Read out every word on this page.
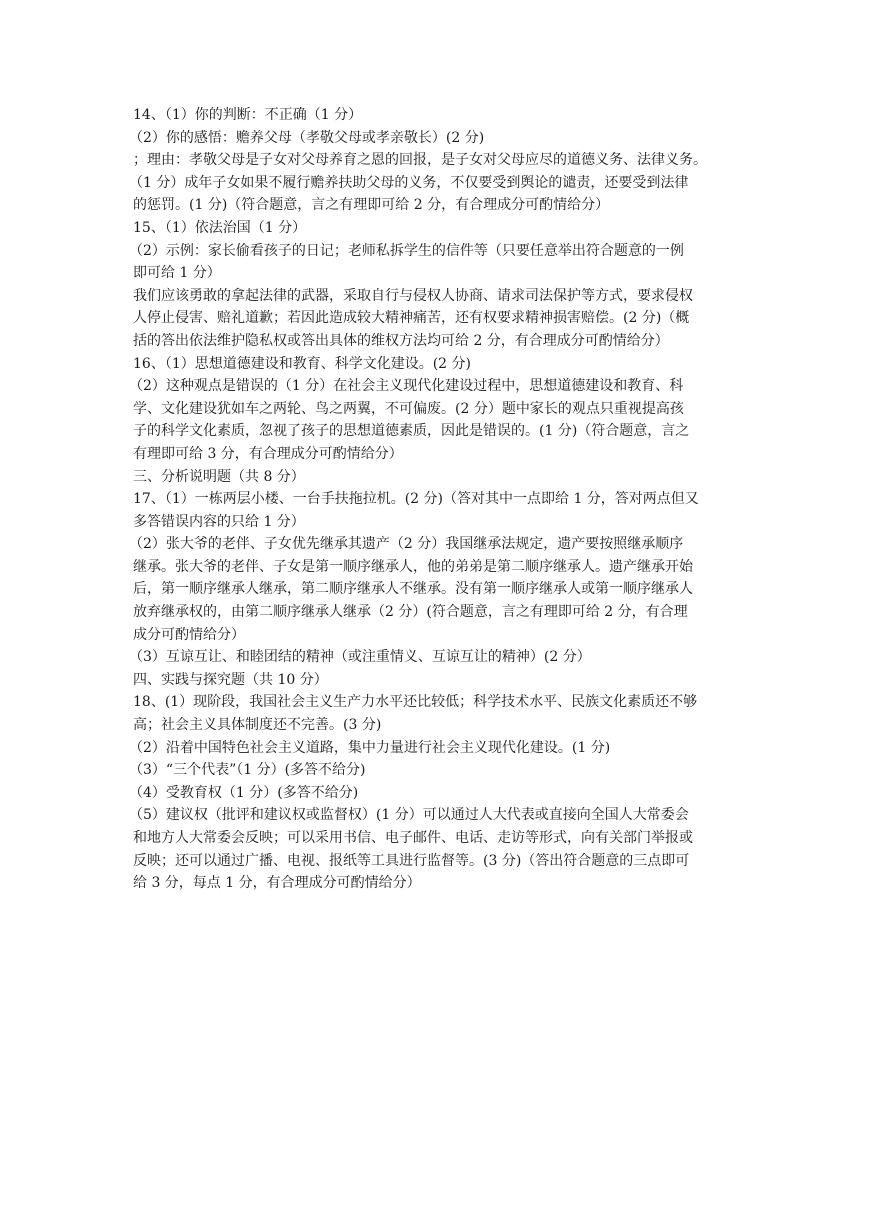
14、（1）你的判断：不正确（1 分）
（2）你的感悟：赡养父母（孝敬父母或孝亲敬长）(2 分)
；理由：孝敬父母是子女对父母养育之恩的回报，是子女对父母应尽的道德义务、法律义务。
（1 分）成年子女如果不履行赡养扶助父母的义务，不仅要受到舆论的谴责，还要受到法律
的惩罚。(1 分)（符合题意，言之有理即可给 2 分，有合理成分可酌情给分）
15、（1）依法治国（1 分）
（2）示例：家长偷看孩子的日记；老师私拆学生的信件等（只要任意举出符合题意的一例
即可给 1 分）
我们应该勇敢的拿起法律的武器，采取自行与侵权人协商、请求司法保护等方式，要求侵权
人停止侵害、赔礼道歉；若因此造成较大精神痛苦，还有权要求精神损害赔偿。(2 分)（概
括的答出依法维护隐私权或答出具体的维权方法均可给 2 分，有合理成分可酌情给分）
16、（1）思想道德建设和教育、科学文化建设。(2 分)
（2）这种观点是错误的（1 分）在社会主义现代化建设过程中，思想道德建设和教育、科
学、文化建设犹如车之两轮、鸟之两翼，不可偏废。(2 分）题中家长的观点只重视提高孩
子的科学文化素质，忽视了孩子的思想道德素质，因此是错误的。(1 分)（符合题意，言之
有理即可给 3 分，有合理成分可酌情给分）
三、分析说明题（共 8 分）
17、（1）一栋两层小楼、一台手扶拖拉机。(2 分)（答对其中一点即给 1 分，答对两点但又
多答错误内容的只给 1 分）
（2）张大爷的老伴、子女优先继承其遗产（2 分）我国继承法规定，遗产要按照继承顺序
继承。张大爷的老伴、子女是第一顺序继承人，他的弟弟是第二顺序继承人。遗产继承开始
后，第一顺序继承人继承，第二顺序继承人不继承。没有第一顺序继承人或第一顺序继承人
放弃继承权的，由第二顺序继承人继承（2 分）(符合题意，言之有理即可给 2 分，有合理
成分可酌情给分）
（3）互谅互让、和睦团结的精神（或注重情义、互谅互让的精神）(2 分）
四、实践与探究题（共 10 分）
18、(1）现阶段，我国社会主义生产力水平还比较低；科学技术水平、民族文化素质还不够
高；社会主义具体制度还不完善。(3 分)
（2）沿着中国特色社会主义道路，集中力量进行社会主义现代化建设。(1 分)
（3）“三个代表”（1 分）(多答不给分)
（4）受教育权（1 分）(多答不给分)
（5）建议权（批评和建议权或监督权）(1 分）可以通过人大代表或直接向全国人大常委会
和地方人大常委会反映；可以采用书信、电子邮件、电话、走访等形式，向有关部门举报或
反映；还可以通过广播、电视、报纸等工具进行监督等。(3 分)（答出符合题意的三点即可
给 3 分，每点 1 分，有合理成分可酌情给分）
